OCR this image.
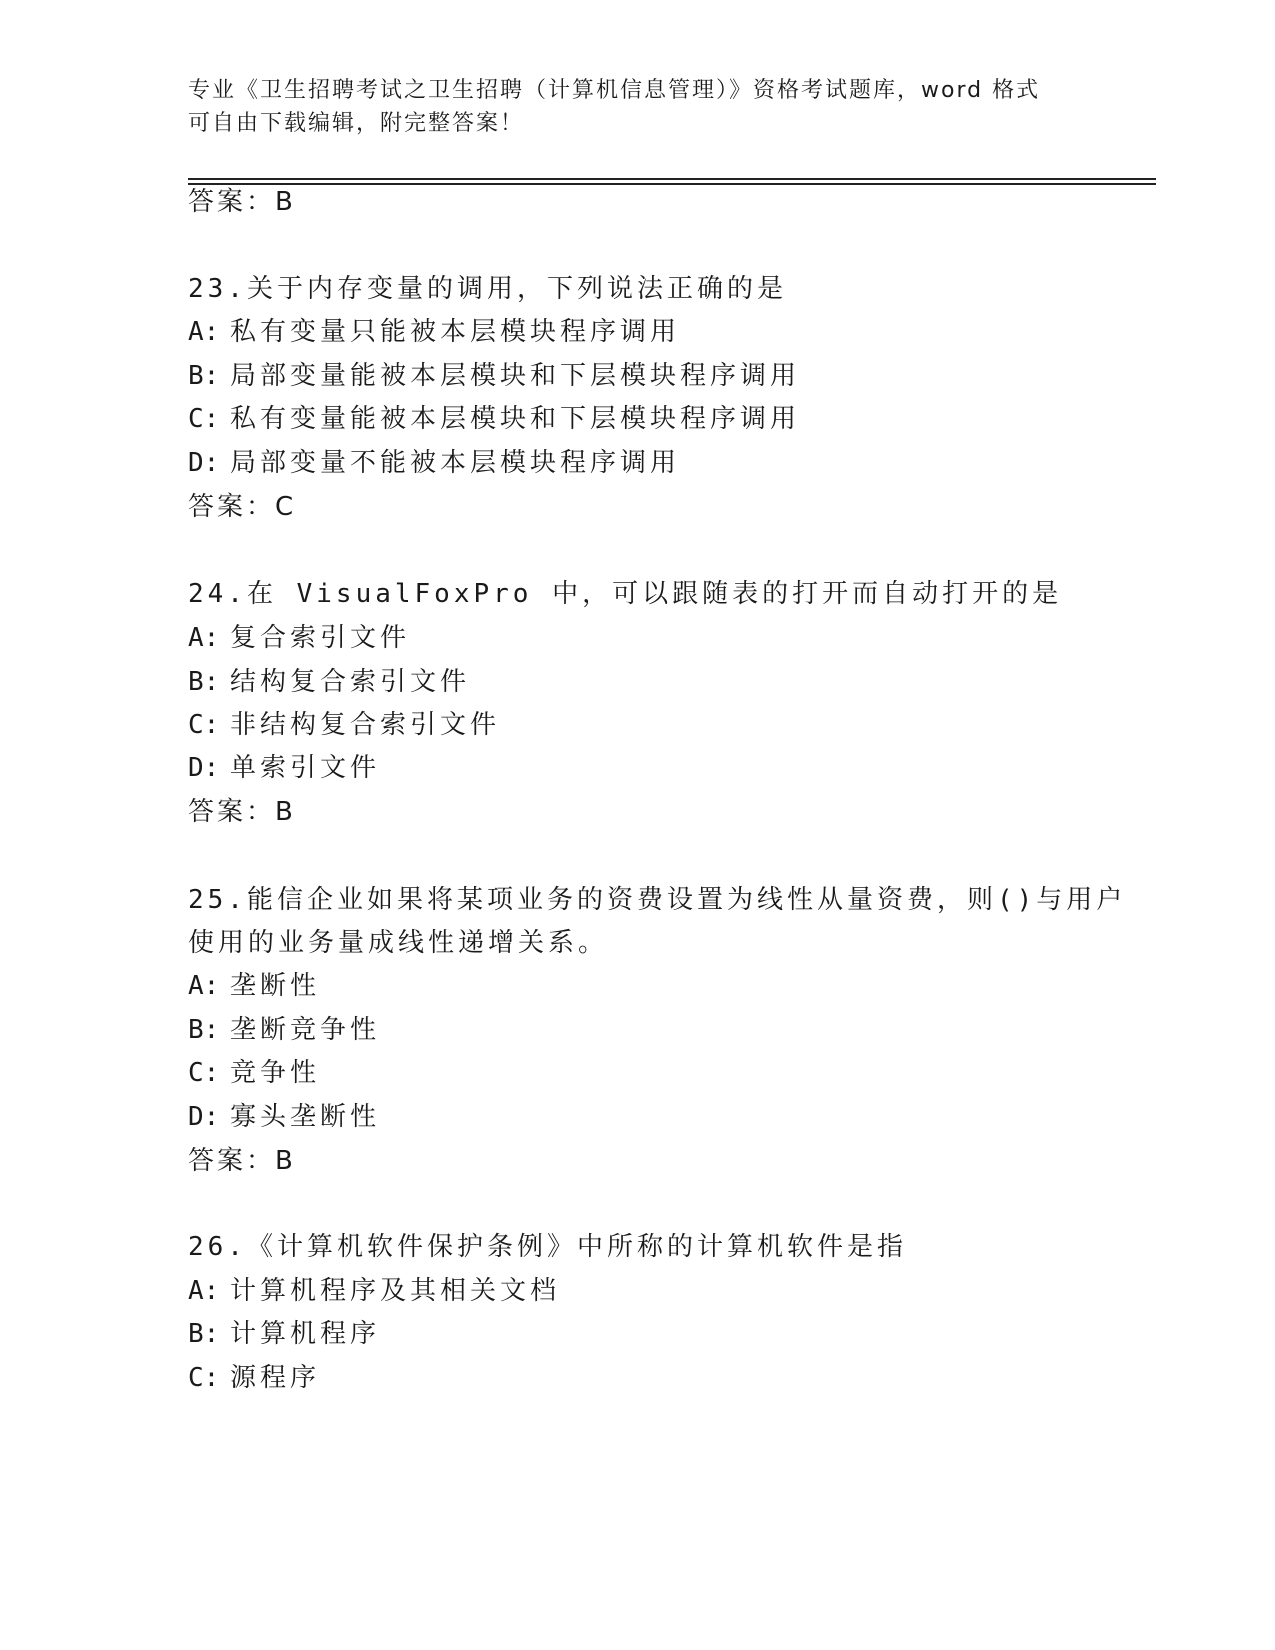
专业《卫生招聘考试之卫生招聘（计算机信息管理）》资格考试题库，word 格式
可自由下载编辑，附完整答案！
答案：B
23.关于内存变量的调用，下列说法正确的是
A: 私有变量只能被本层模块程序调用
B: 局部变量能被本层模块和下层模块程序调用
C: 私有变量能被本层模块和下层模块程序调用
D: 局部变量不能被本层模块程序调用
答案：C
24.在 VisualFoxPro 中，可以跟随表的打开而自动打开的是
A: 复合索引文件
B: 结构复合索引文件
C: 非结构复合索引文件
D: 单索引文件
答案：B
25.能信企业如果将某项业务的资费设置为线性从量资费，则()与用户
使用的业务量成线性递增关系。
A: 垄断性
B: 垄断竞争性
C: 竞争性
D: 寡头垄断性
答案：B
26.《计算机软件保护条例》中所称的计算机软件是指
A: 计算机程序及其相关文档
B: 计算机程序
C: 源程序
